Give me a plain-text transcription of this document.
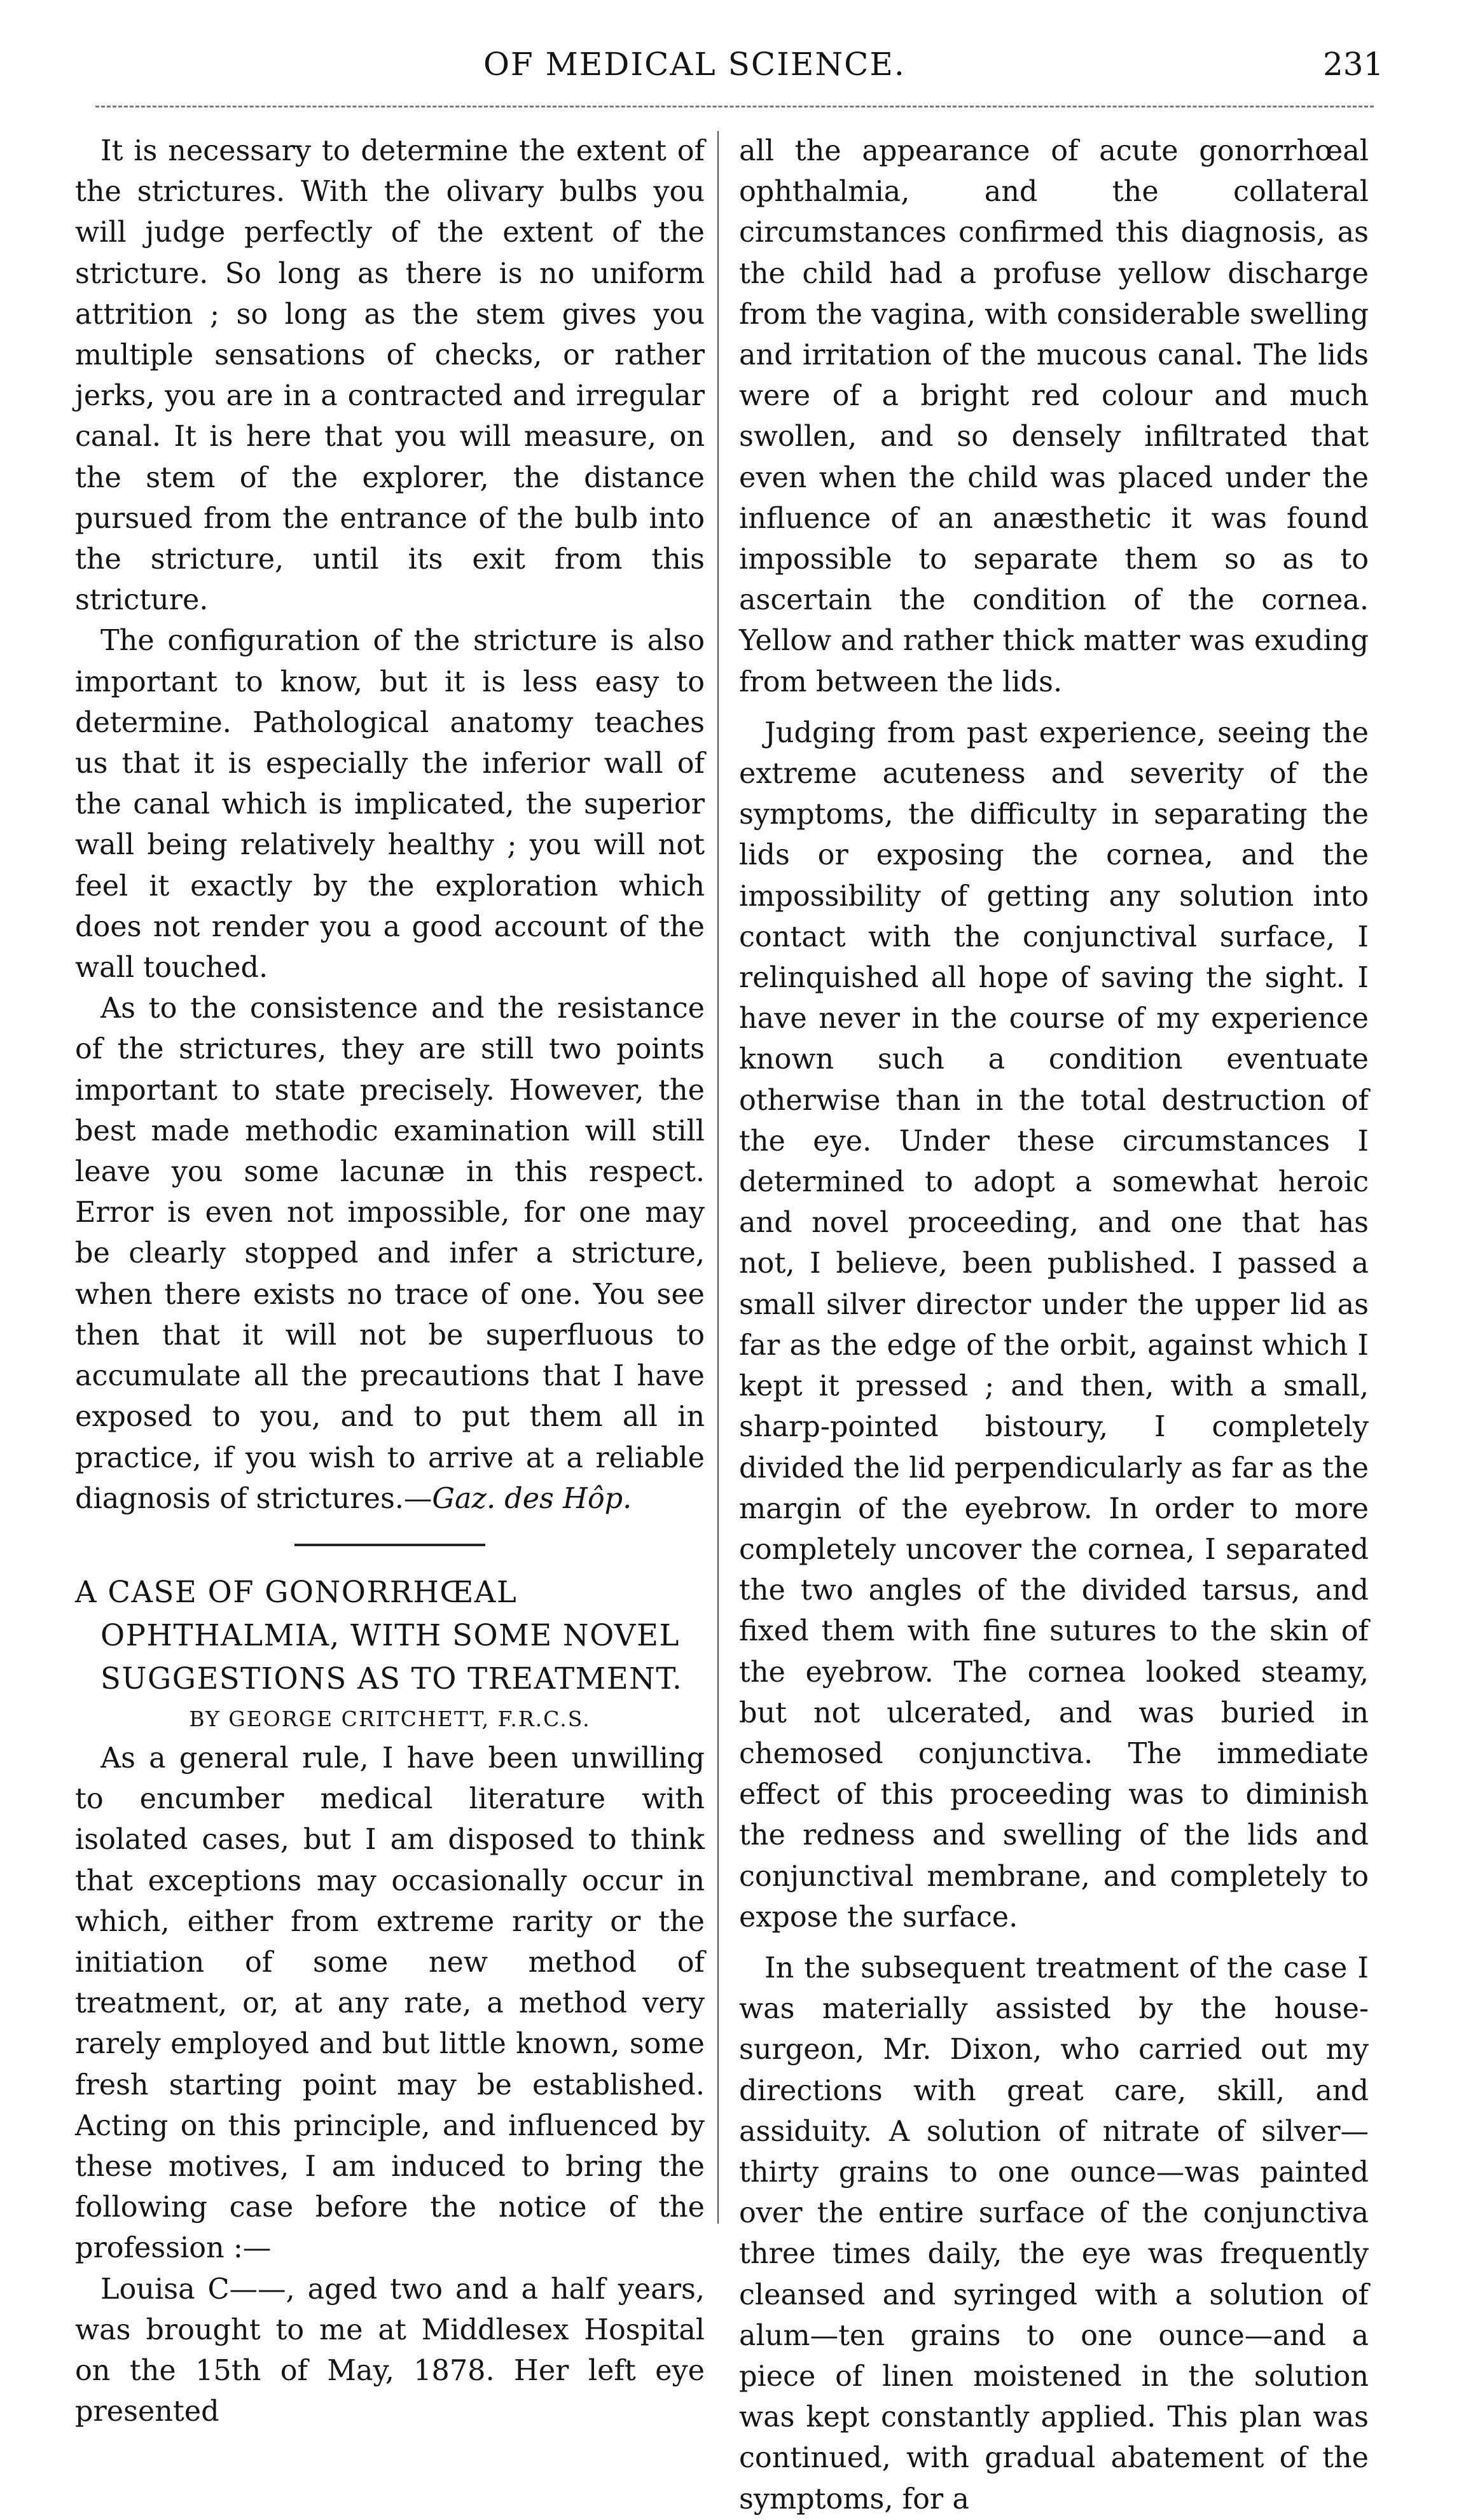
OF MEDICAL SCIENCE.	231

It is necessary to determine the extent of the strictures. With the olivary bulbs you will judge perfectly of the extent of the stricture. So long as there is no uniform attrition ; so long as the stem gives you multiple sensations of checks, or rather jerks, you are in a contracted and irregular canal. It is here that you will measure, on the stem of the explorer, the distance pursued from the entrance of the bulb into the stricture, until its exit from this stricture.

The configuration of the stricture is also important to know, but it is less easy to determine. Pathological anatomy teaches us that it is especially the inferior wall of the canal which is implicated, the superior wall being relatively healthy ; you will not feel it exactly by the exploration which does not render you a good account of the wall touched.

As to the consistence and the resistance of the strictures, they are still two points important to state precisely. However, the best made methodic examination will still leave you some lacunæ in this respect. Error is even not impossible, for one may be clearly stopped and infer a stricture, when there exists no trace of one. You see then that it will not be superfluous to accumulate all the precautions that I have exposed to you, and to put them all in practice, if you wish to arrive at a reliable diagnosis of strictures.—Gaz. des Hôp.

A CASE OF GONORRHŒAL OPHTHALMIA, WITH SOME NOVEL SUGGESTIONS AS TO TREATMENT.

BY GEORGE CRITCHETT, F.R.C.S.

As a general rule, I have been unwilling to encumber medical literature with isolated cases, but I am disposed to think that exceptions may occasionally occur in which, either from extreme rarity or the initiation of some new method of treatment, or, at any rate, a method very rarely employed and but little known, some fresh starting point may be established. Acting on this principle, and influenced by these motives, I am induced to bring the following case before the notice of the profession :—

Louisa C——, aged two and a half years, was brought to me at Middlesex Hospital on the 15th of May, 1878. Her left eye presented

all the appearance of acute gonorrhœal ophthalmia, and the collateral circumstances confirmed this diagnosis, as the child had a profuse yellow discharge from the vagina, with considerable swelling and irritation of the mucous canal. The lids were of a bright red colour and much swollen, and so densely infiltrated that even when the child was placed under the influence of an anæsthetic it was found impossible to separate them so as to ascertain the condition of the cornea. Yellow and rather thick matter was exuding from between the lids.

Judging from past experience, seeing the extreme acuteness and severity of the symptoms, the difficulty in separating the lids or exposing the cornea, and the impossibility of getting any solution into contact with the conjunctival surface, I relinquished all hope of saving the sight. I have never in the course of my experience known such a condition eventuate otherwise than in the total destruction of the eye. Under these circumstances I determined to adopt a somewhat heroic and novel proceeding, and one that has not, I believe, been published. I passed a small silver director under the upper lid as far as the edge of the orbit, against which I kept it pressed ; and then, with a small, sharp-pointed bistoury, I completely divided the lid perpendicularly as far as the margin of the eyebrow. In order to more completely uncover the cornea, I separated the two angles of the divided tarsus, and fixed them with fine sutures to the skin of the eyebrow. The cornea looked steamy, but not ulcerated, and was buried in chemosed conjunctiva. The immediate effect of this proceeding was to diminish the redness and swelling of the lids and conjunctival membrane, and completely to expose the surface.

In the subsequent treatment of the case I was materially assisted by the house-surgeon, Mr. Dixon, who carried out my directions with great care, skill, and assiduity. A solution of nitrate of silver—thirty grains to one ounce—was painted over the entire surface of the conjunctiva three times daily, the eye was frequently cleansed and syringed with a solution of alum—ten grains to one ounce—and a piece of linen moistened in the solution was kept constantly applied. This plan was continued, with gradual abatement of the symptoms, for a
